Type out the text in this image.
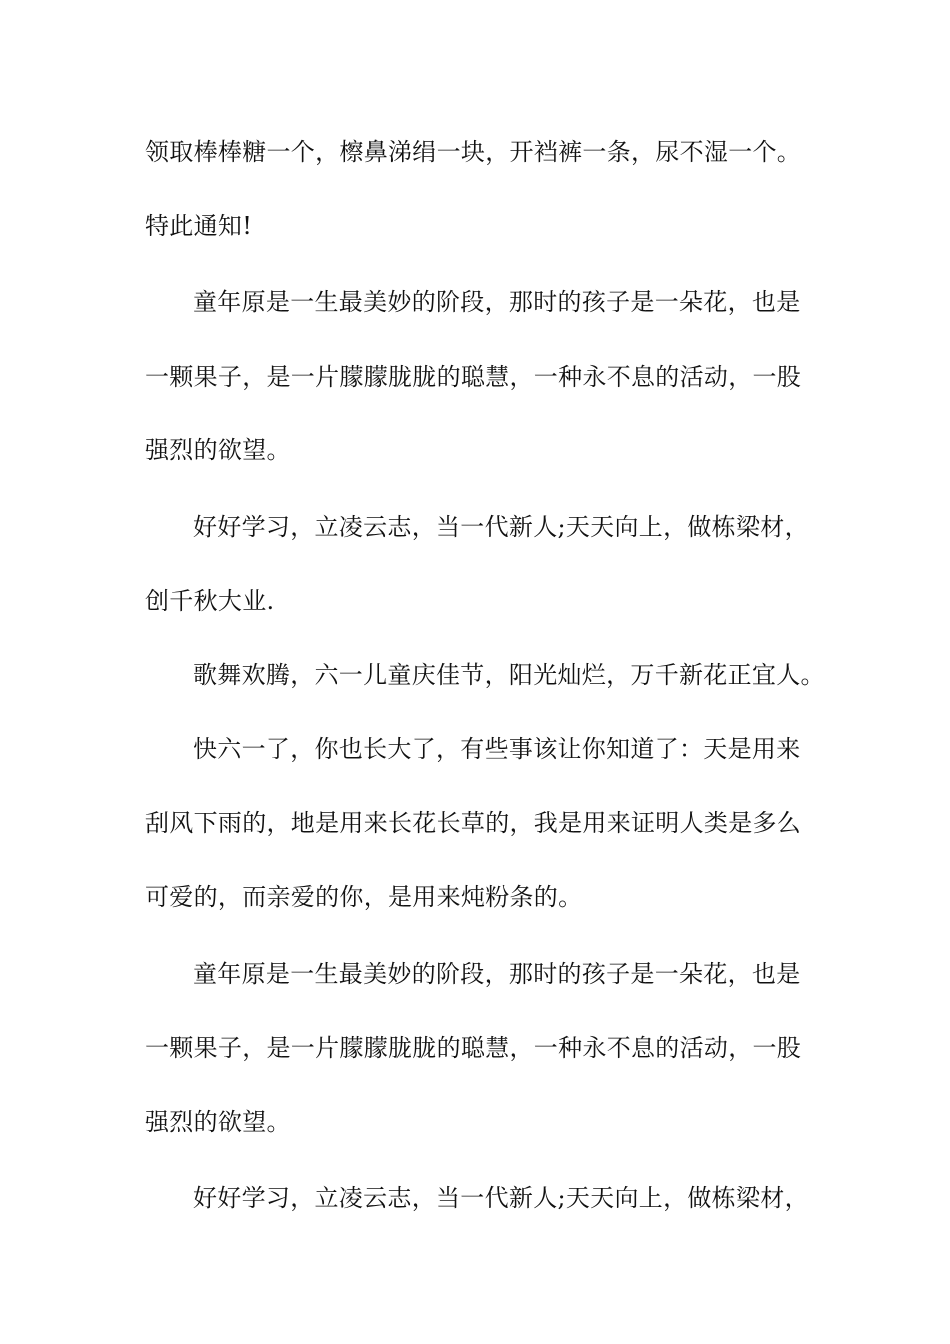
领取棒棒糖一个，檫鼻涕绢一块，开裆裤一条，尿不湿一个。
特此通知!
童年原是一生最美妙的阶段，那时的孩子是一朵花，也是
一颗果子，是一片朦朦胧胧的聪慧，一种永不息的活动，一股
强烈的欲望。
好好学习，立凌云志，当一代新人;天天向上，做栋梁材，
创千秋大业.
歌舞欢腾，六一儿童庆佳节，阳光灿烂，万千新花正宜人。
快六一了，你也长大了，有些事该让你知道了：天是用来
刮风下雨的，地是用来长花长草的，我是用来证明人类是多么
可爱的，而亲爱的你，是用来炖粉条的。
童年原是一生最美妙的阶段，那时的孩子是一朵花，也是
一颗果子，是一片朦朦胧胧的聪慧，一种永不息的活动，一股
强烈的欲望。
好好学习，立凌云志，当一代新人;天天向上，做栋梁材，
